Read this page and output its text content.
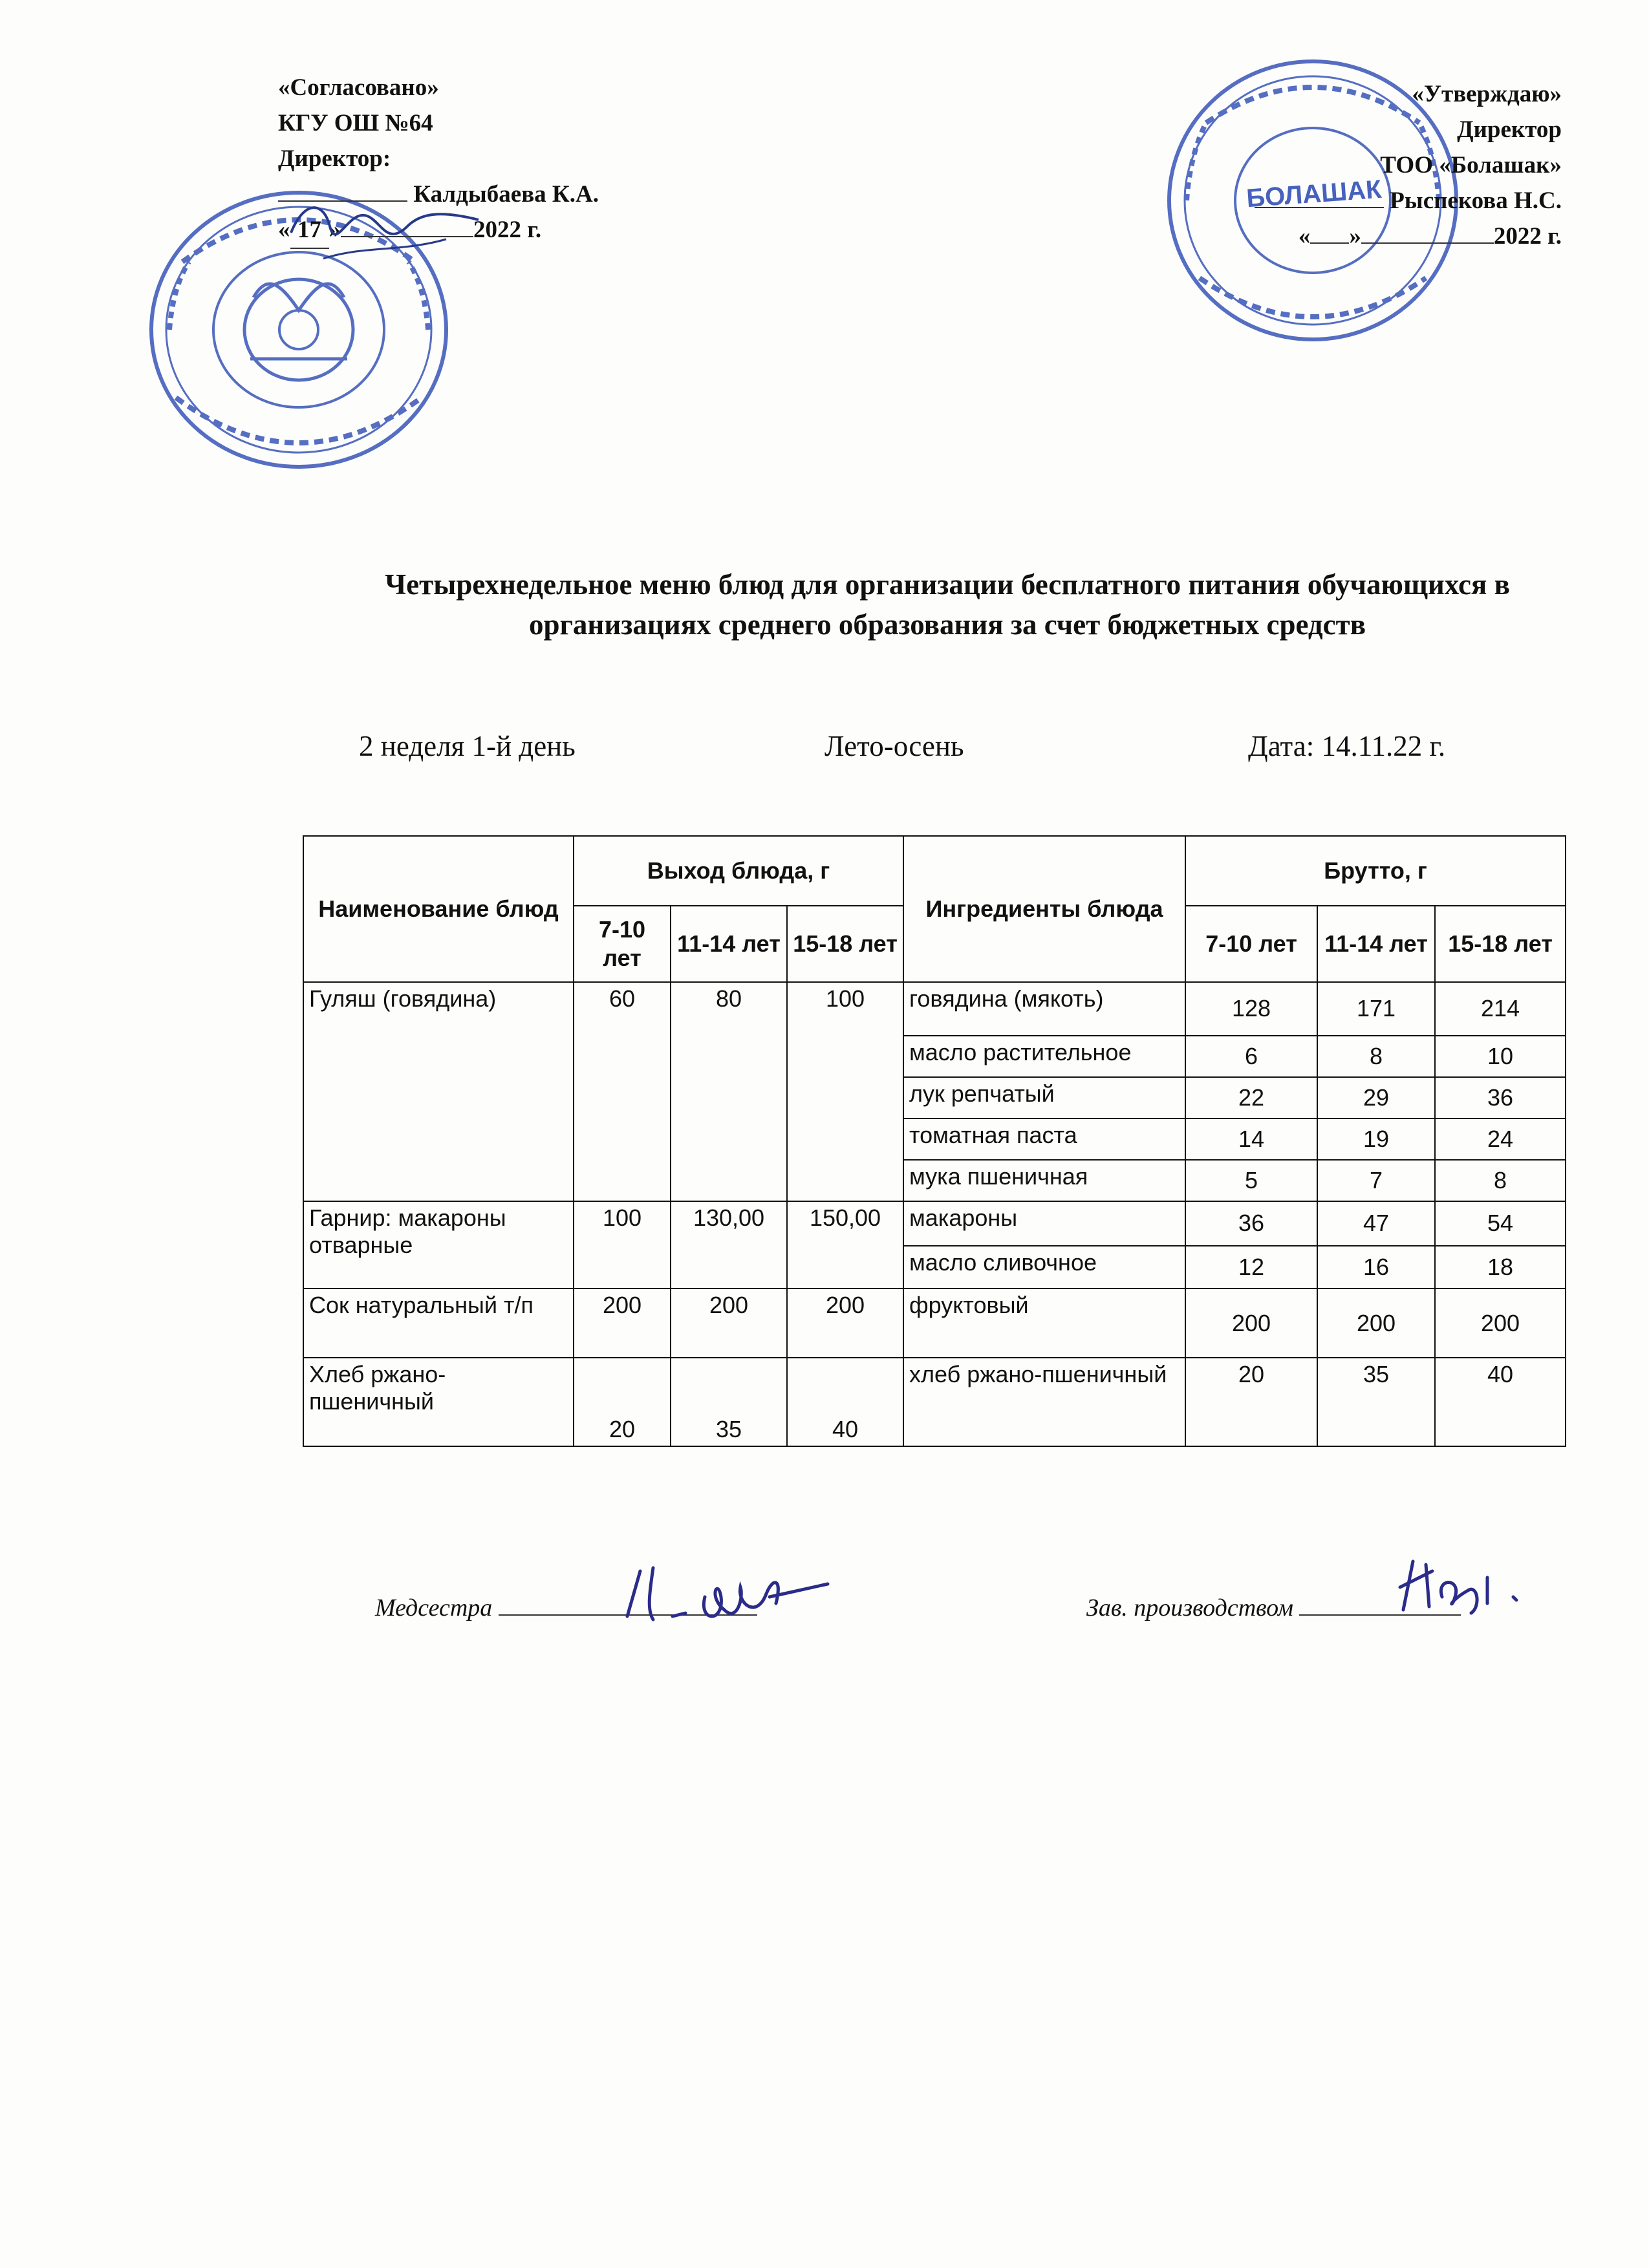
БОЛАШАК
«Согласовано»
КГУ ОШ №64
Директор:
Калдыбаева К.А.
« 17 »	2022 г.
«Утверждаю»
Директор
ТОО «Болашак»
Рыспекова Н.С.
« »	2022 г.
Четырехнедельное меню блюд для организации бесплатного питания обучающихся в организациях среднего образования за счет бюджетных средств
2 неделя 1-й день	Лето-осень	Дата: 14.11.22 г.
Наименование блюд	Выход блюда, г			Ингредиенты блюда	Брутто, г		
	7-10 лет	11-14 лет	15-18 лет		7-10 лет	11-14 лет	15-18 лет
Гуляш (говядина)	60	80	100	говядина (мякоть)	128	171	214
				масло растительное	6	8	10
				лук репчатый	22	29	36
				томатная паста	14	19	24
				мука пшеничная	5	7	8
Гарнир: макароны отварные	100	130,00	150,00	макароны	36	47	54
				масло сливочное	12	16	18
Сок натуральный т/п	200	200	200	фруктовый	200	200	200
Хлеб ржано-пшеничный	20	35	40	хлеб ржано-пшеничный	20	35	40
Медсестра	Зав. производством
